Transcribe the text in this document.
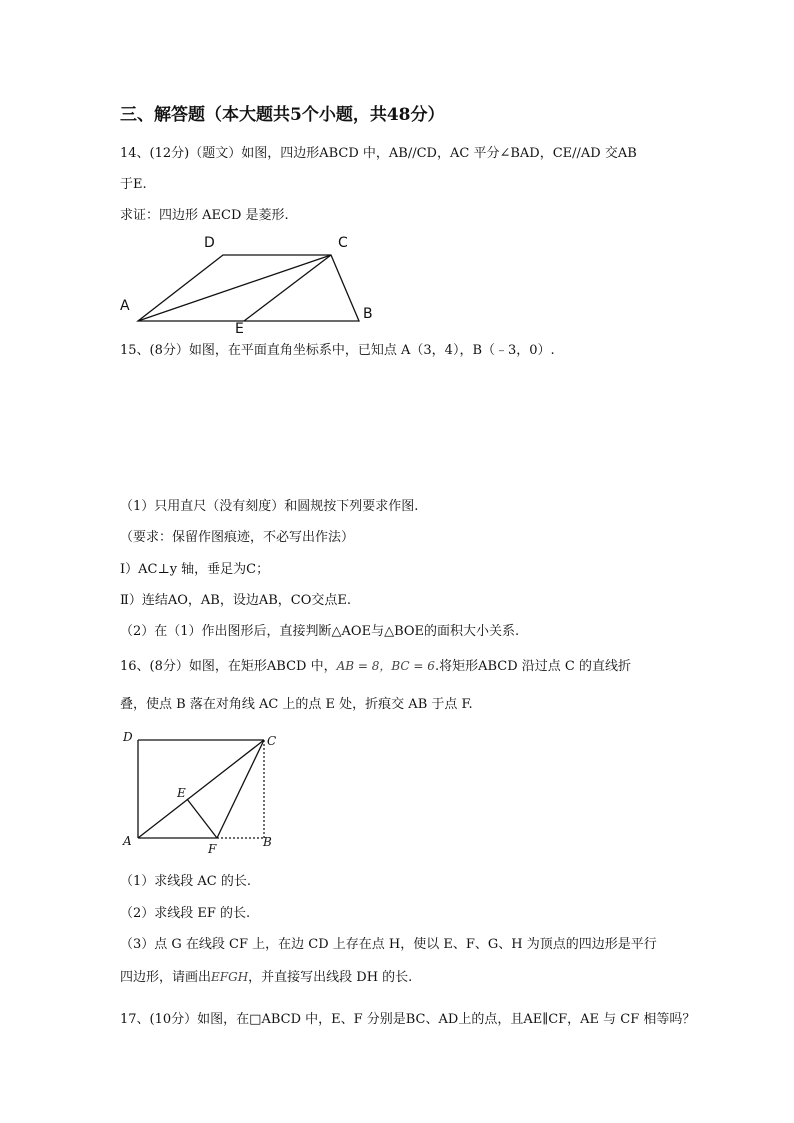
三、解答题（本大题共5个小题，共48分）
14、(12分)（题文）如图，四边形ABCD 中，AB//CD，AC 平分∠BAD，CE//AD 交AB
于E.
求证：四边形 AECD 是菱形.
A	B
C
D
E
15、(8分）如图，在平面直角坐标系中，已知点 A（3，4），B（﹣3，0）.
（1）只用直尺（没有刻度）和圆规按下列要求作图.
（要求：保留作图痕迹，不必写出作法）
Ⅰ）AC⊥y 轴，垂足为C；
Ⅱ）连结AO，AB，设边AB，CO交点E.
（2）在（1）作出图形后，直接判断△AOE与△BOE的面积大小关系.
16、(8分）如图，在矩形ABCD 中，AB = 8，BC = 6.将矩形ABCD 沿过点 C 的直线折
叠，使点 B 落在对角线 AC 上的点 E 处，折痕交 AB 于点 F.
D	C
E
A
F	B
（1）求线段 AC 的长.
（2）求线段 EF 的长.
（3）点 G 在线段 CF 上，在边 CD 上存在点 H，使以 E、F、G、H 为顶点的四边形是平行
四边形，请画出EFGH，并直接写出线段 DH 的长.
17、(10分）如图，在□ABCD 中，E、F 分别是BC、AD上的点，且AE∥CF，AE 与 CF 相等吗？
